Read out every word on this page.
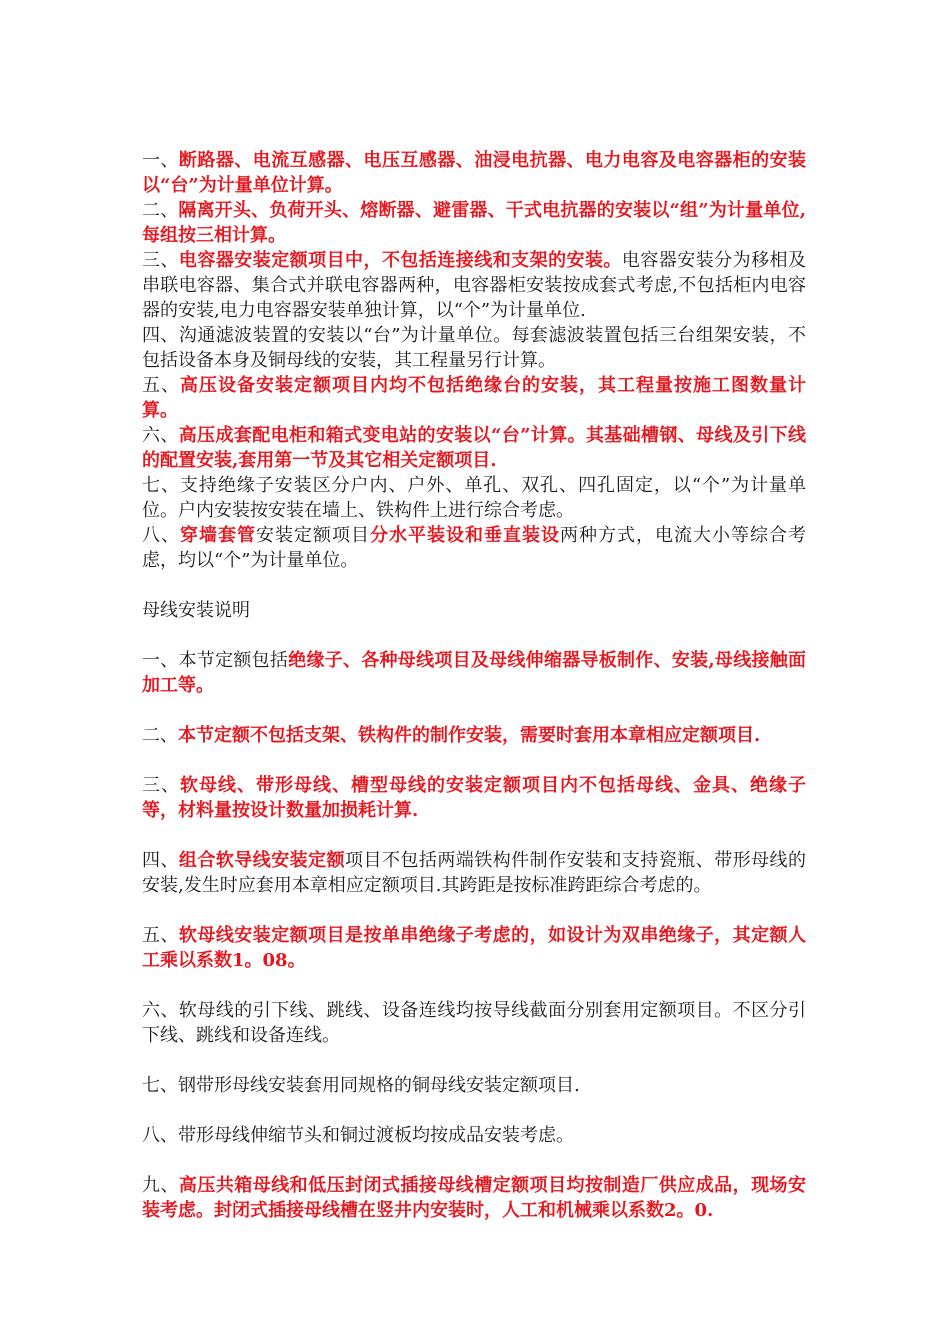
一、断路器、电流互感器、电压互感器、油浸电抗器、电力电容及电容器柜的安装以“台”为计量单位计算。

二、隔离开头、负荷开头、熔断器、避雷器、干式电抗器的安装以“组”为计量单位,每组按三相计算。

三、电容器安装定额项目中，不包括连接线和支架的安装。电容器安装分为移相及串联电容器、集合式并联电容器两种，电容器柜安装按成套式考虑,不包括柜内电容器的安装,电力电容器安装单独计算，以“个”为计量单位.

四、沟通滤波装置的安装以“台”为计量单位。每套滤波装置包括三台组架安装，不包括设备本身及铜母线的安装，其工程量另行计算。

五、高压设备安装定额项目内均不包括绝缘台的安装，其工程量按施工图数量计算。

六、高压成套配电柜和箱式变电站的安装以“台”计算。其基础槽钢、母线及引下线的配置安装,套用第一节及其它相关定额项目.

七、支持绝缘子安装区分户内、户外、单孔、双孔、四孔固定，以“个”为计量单位。户内安装按安装在墙上、铁构件上进行综合考虑。

八、穿墙套管安装定额项目分水平装设和垂直装设两种方式，电流大小等综合考虑，均以“个”为计量单位。

母线安装说明

一、本节定额包括绝缘子、各种母线项目及母线伸缩器导板制作、安装,母线接触面加工等。

二、本节定额不包括支架、铁构件的制作安装，需要时套用本章相应定额项目.

三、软母线、带形母线、槽型母线的安装定额项目内不包括母线、金具、绝缘子等，材料量按设计数量加损耗计算.

四、组合软导线安装定额项目不包括两端铁构件制作安装和支持瓷瓶、带形母线的安装,发生时应套用本章相应定额项目.其跨距是按标准跨距综合考虑的。

五、软母线安装定额项目是按单串绝缘子考虑的，如设计为双串绝缘子，其定额人工乘以系数1。08。

六、软母线的引下线、跳线、设备连线均按导线截面分别套用定额项目。不区分引下线、跳线和设备连线。

七、钢带形母线安装套用同规格的铜母线安装定额项目.

八、带形母线伸缩节头和铜过渡板均按成品安装考虑。

九、高压共箱母线和低压封闭式插接母线槽定额项目均按制造厂供应成品，现场安装考虑。封闭式插接母线槽在竖井内安装时，人工和机械乘以系数2。0.
